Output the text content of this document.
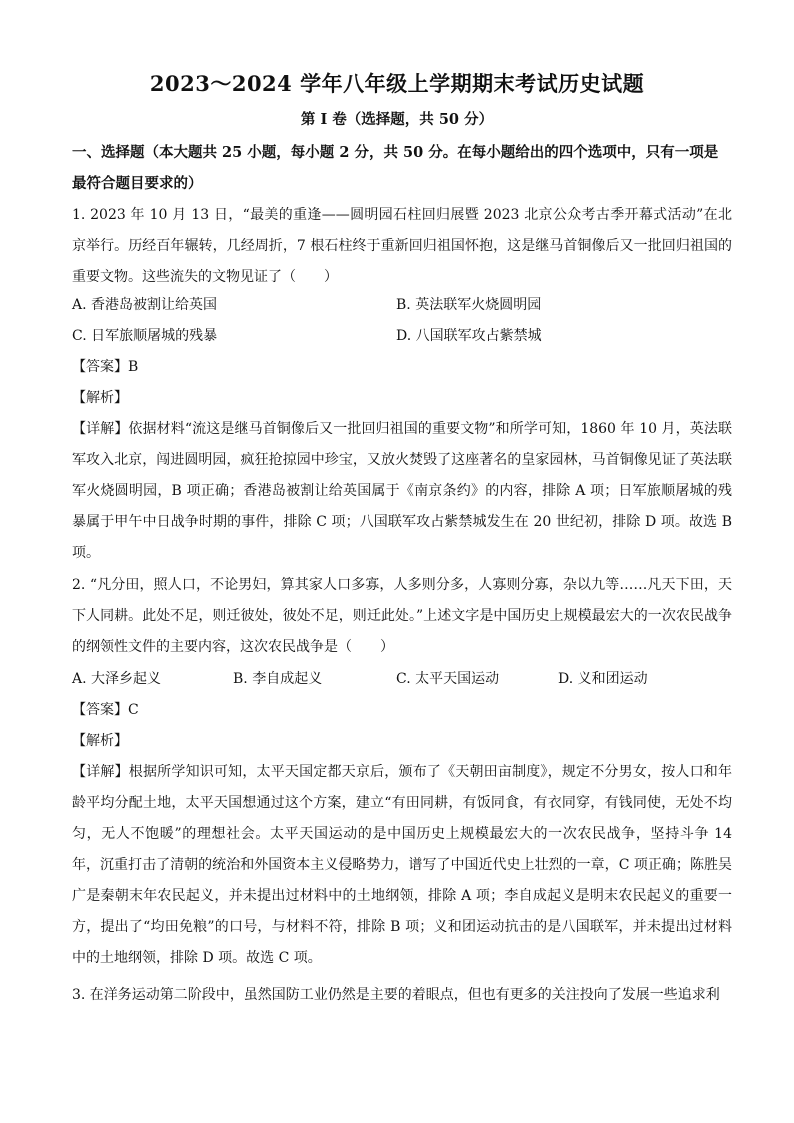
2023～2024 学年八年级上学期期末考试历史试题
第 I 卷（选择题，共 50 分）
一、选择题（本大题共 25 小题，每小题 2 分，共 50 分。在每小题给出的四个选项中，只有一项是最符合题目要求的）
1. 2023 年 10 月 13 日，“最美的重逢——圆明园石柱回归展暨 2023 北京公众考古季开幕式活动”在北京举行。历经百年辗转，几经周折，7 根石柱终于重新回归祖国怀抱，这是继马首铜像后又一批回归祖国的重要文物。这些流失的文物见证了（　　）
A. 香港岛被割让给英国	B. 英法联军火烧圆明园
C. 日军旅顺屠城的残暴	D. 八国联军攻占紫禁城
【答案】B
【解析】
【详解】依据材料“流这是继马首铜像后又一批回归祖国的重要文物”和所学可知，1860 年 10 月，英法联军攻入北京，闯进圆明园，疯狂抢掠园中珍宝，又放火焚毁了这座著名的皇家园林，马首铜像见证了英法联军火烧圆明园，B 项正确；香港岛被割让给英国属于《南京条约》的内容，排除 A 项；日军旅顺屠城的残暴属于甲午中日战争时期的事件，排除 C 项；八国联军攻占紫禁城发生在 20 世纪初，排除 D 项。故选 B 项。
2. “凡分田，照人口，不论男妇，算其家人口多寡，人多则分多，人寡则分寡，杂以九等……凡天下田，天下人同耕。此处不足，则迁彼处，彼处不足，则迁此处。”上述文字是中国历史上规模最宏大的一次农民战争的纲领性文件的主要内容，这次农民战争是（　　）
A. 大泽乡起义	B. 李自成起义	C. 太平天国运动	D. 义和团运动
【答案】C
【解析】
【详解】根据所学知识可知，太平天国定都天京后，颁布了《天朝田亩制度》，规定不分男女，按人口和年龄平均分配土地，太平天国想通过这个方案，建立“有田同耕，有饭同食，有衣同穿，有钱同使，无处不均匀，无人不饱暖”的理想社会。太平天国运动的是中国历史上规模最宏大的一次农民战争，坚持斗争 14 年，沉重打击了清朝的统治和外国资本主义侵略势力，谱写了中国近代史上壮烈的一章，C 项正确；陈胜吴广是秦朝末年农民起义，并未提出过材料中的土地纲领，排除 A 项；李自成起义是明末农民起义的重要一方，提出了“均田免粮”的口号，与材料不符，排除 B 项；义和团运动抗击的是八国联军，并未提出过材料中的土地纲领，排除 D 项。故选 C 项。
3. 在洋务运动第二阶段中，虽然国防工业仍然是主要的着眼点，但也有更多的关注投向了发展一些追求利
